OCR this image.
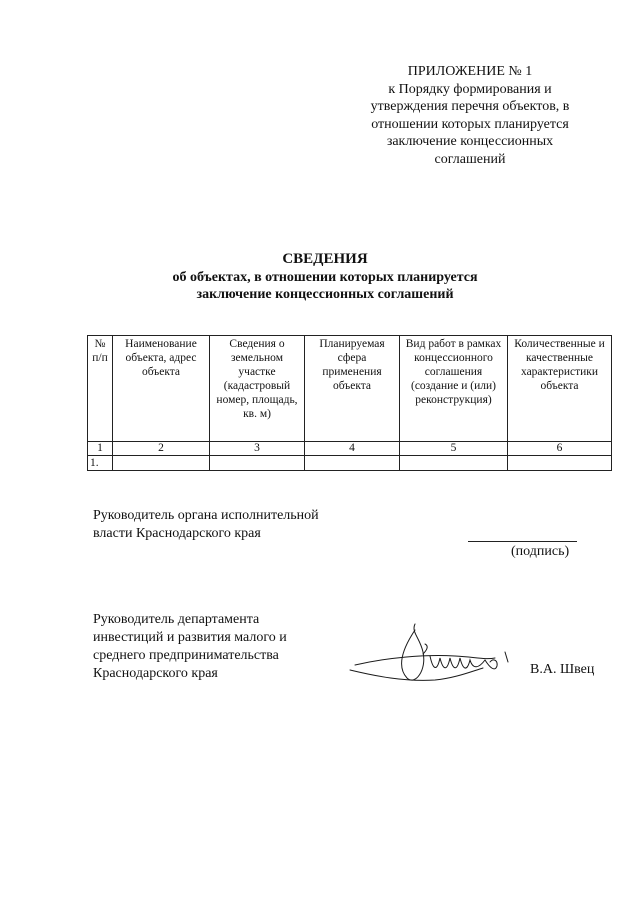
ПРИЛОЖЕНИЕ № 1
к Порядку формирования и
утверждения перечня объектов, в
отношении которых планируется
заключение концессионных
соглашений
СВЕДЕНИЯ
об объектах, в отношении которых планируется
заключение концессионных соглашений
№ п/п	Наименование объекта, адрес объекта	Сведения о земельном участке (кадастровый номер, площадь, кв. м)	Планируемая сфера применения объекта	Вид работ в рамках концессионного соглашения (создание и (или) реконструкция)	Количественные и качественные характеристики объекта
1	2	3	4	5	6
1.					
Руководитель органа исполнительной
власти Краснодарского края
(подпись)
Руководитель департамента
инвестиций и развития малого и
среднего предпринимательства
Краснодарского края	В.А. Швец
